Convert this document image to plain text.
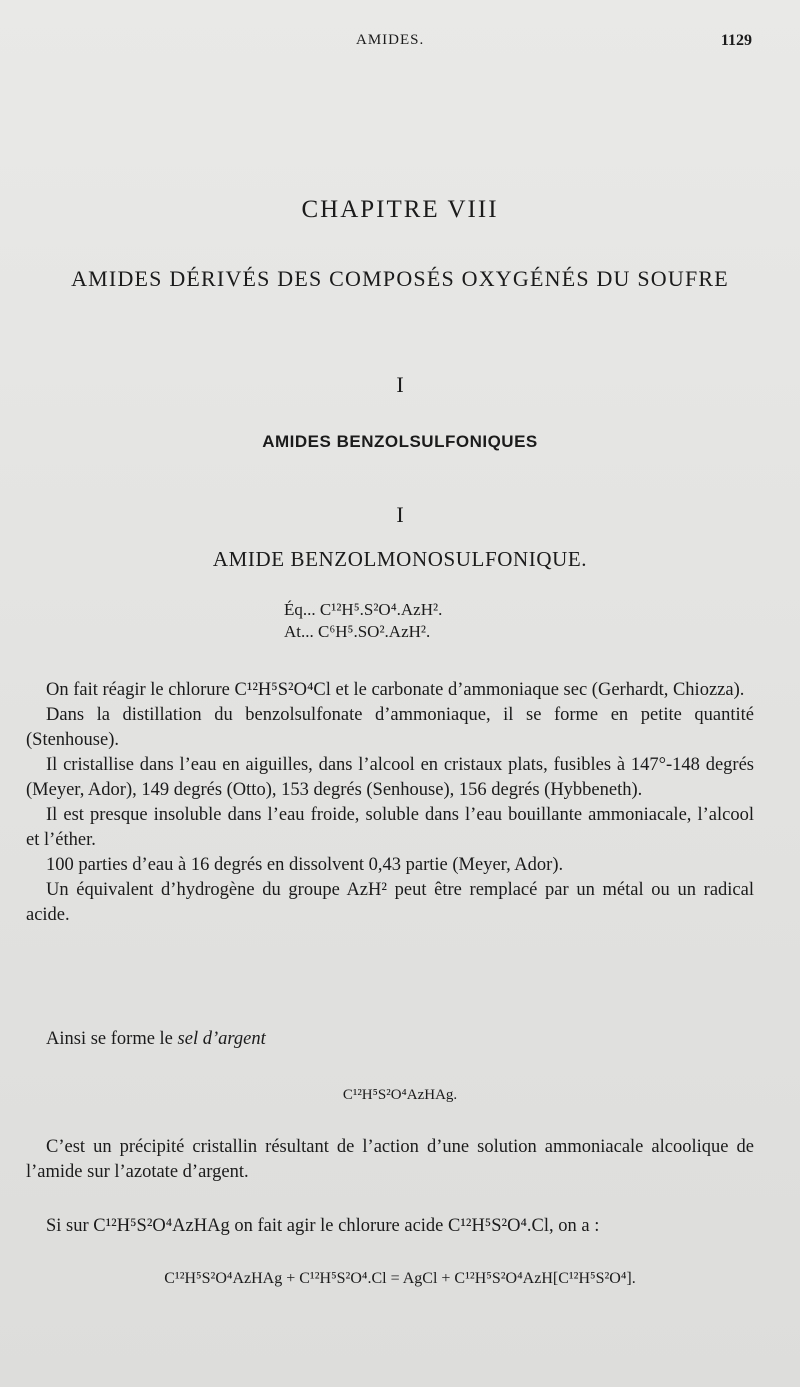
AMIDES.	1129
CHAPITRE VIII
AMIDES DÉRIVÉS DES COMPOSÉS OXYGÉNÉS DU SOUFRE
I
AMIDES BENZOLSULFONIQUES
I
AMIDE BENZOLMONOSULFONIQUE.
Éq... C¹²H⁵.S²O⁴.AzH².
At... C⁶H⁵.SO².AzH².

On fait réagir le chlorure C¹²H⁵S²O⁴Cl et le carbonate d’ammoniaque sec (Gerhardt, Chiozza).

Dans la distillation du benzolsulfonate d’ammoniaque, il se forme en petite quantité (Stenhouse).

Il cristallise dans l’eau en aiguilles, dans l’alcool en cristaux plats, fusibles à 147°-148 degrés (Meyer, Ador), 149 degrés (Otto), 153 degrés (Senhouse), 156 degrés (Hybbeneth).

Il est presque insoluble dans l’eau froide, soluble dans l’eau bouillante ammoniacale, l’alcool et l’éther.

100 parties d’eau à 16 degrés en dissolvent 0,43 partie (Meyer, Ador).

Un équivalent d’hydrogène du groupe AzH² peut être remplacé par un métal ou un radical acide.

Ainsi se forme le sel d’argent
C¹²H⁵S²O⁴AzHAg.

C’est un précipité cristallin résultant de l’action d’une solution ammoniacale alcoolique de l’amide sur l’azotate d’argent.

Si sur C¹²H⁵S²O⁴AzHAg on fait agir le chlorure acide C¹²H⁵S²O⁴.Cl, on a :
C¹²H⁵S²O⁴AzHAg + C¹²H⁵S²O⁴.Cl = AgCl + C¹²H⁵S²O⁴AzH[C¹²H⁵S²O⁴].
